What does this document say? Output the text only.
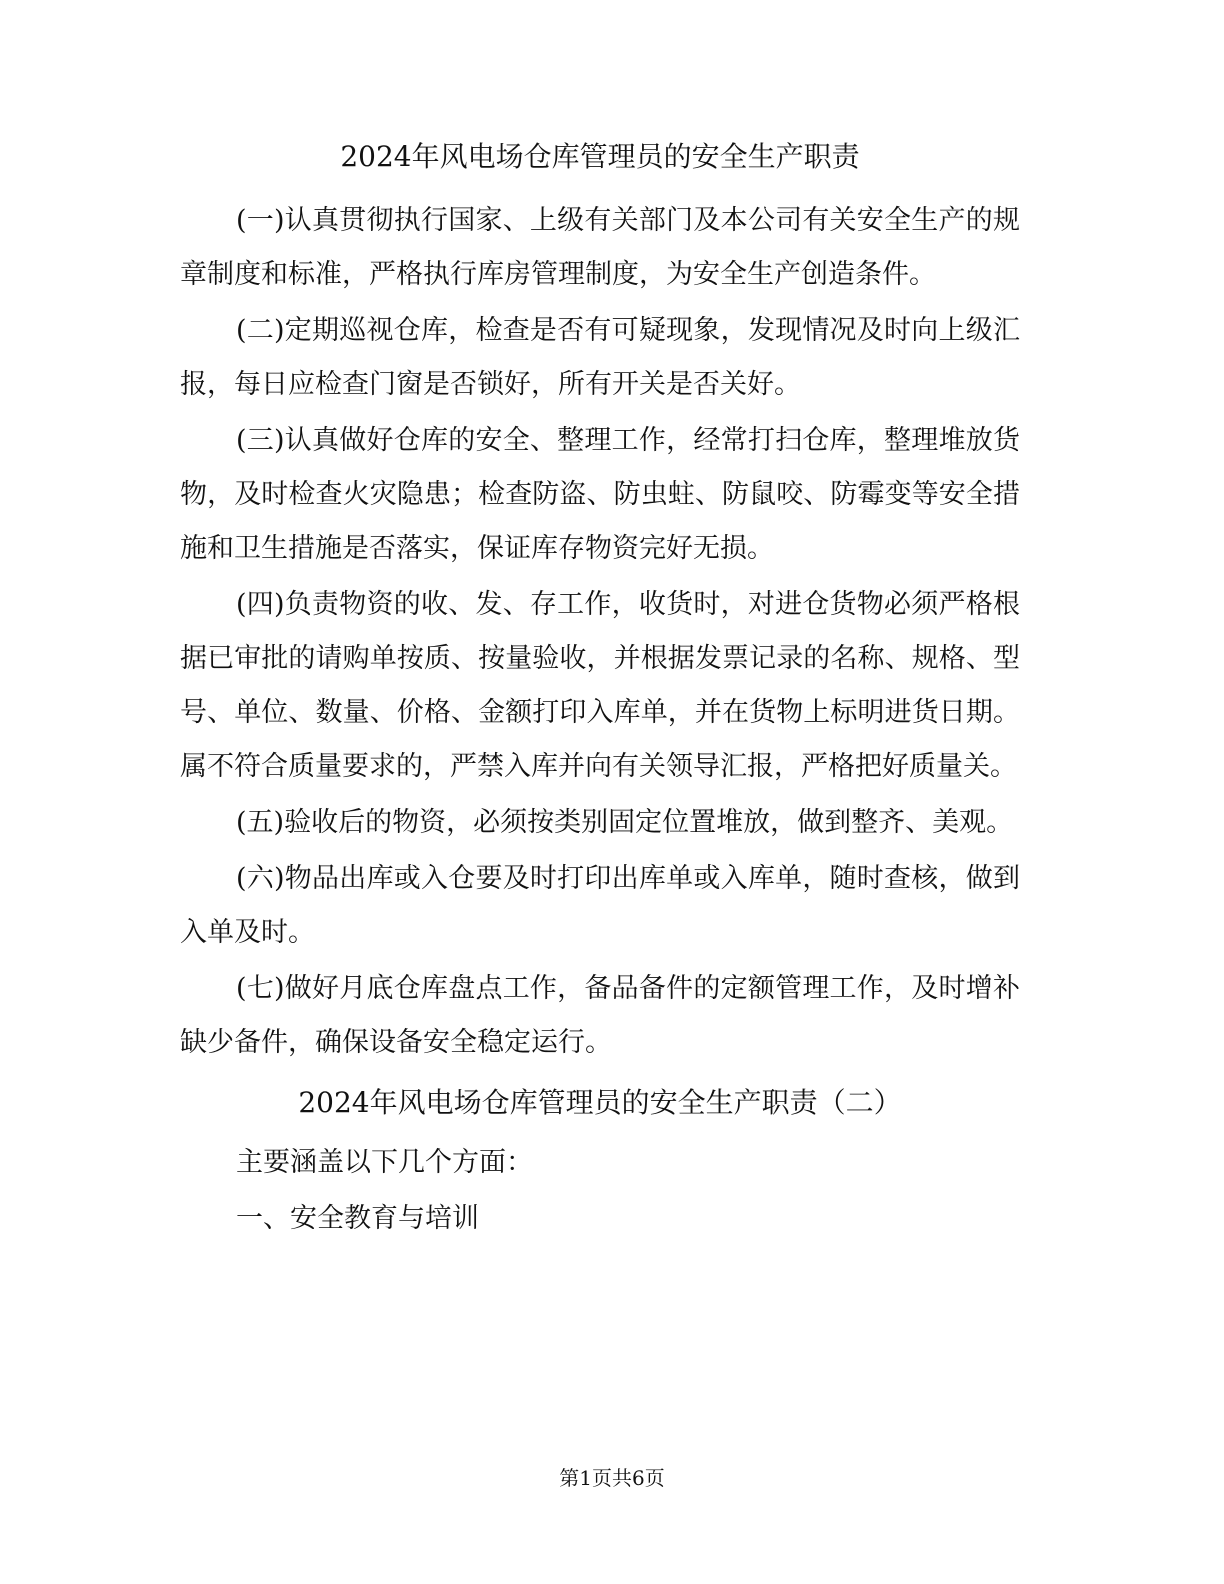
2024年风电场仓库管理员的安全生产职责

(一)认真贯彻执行国家、上级有关部门及本公司有关安全生产的规章制度和标准，严格执行库房管理制度，为安全生产创造条件。

(二)定期巡视仓库，检查是否有可疑现象，发现情况及时向上级汇报，每日应检查门窗是否锁好，所有开关是否关好。

(三)认真做好仓库的安全、整理工作，经常打扫仓库，整理堆放货物，及时检查火灾隐患；检查防盗、防虫蛀、防鼠咬、防霉变等安全措施和卫生措施是否落实，保证库存物资完好无损。

(四)负责物资的收、发、存工作，收货时，对进仓货物必须严格根据已审批的请购单按质、按量验收，并根据发票记录的名称、规格、型号、单位、数量、价格、金额打印入库单，并在货物上标明进货日期。属不符合质量要求的，严禁入库并向有关领导汇报，严格把好质量关。

(五)验收后的物资，必须按类别固定位置堆放，做到整齐、美观。

(六)物品出库或入仓要及时打印出库单或入库单，随时查核，做到入单及时。

(七)做好月底仓库盘点工作，备品备件的定额管理工作，及时增补缺少备件，确保设备安全稳定运行。

2024年风电场仓库管理员的安全生产职责（二）

主要涵盖以下几个方面：

一、安全教育与培训

第1页共6页
